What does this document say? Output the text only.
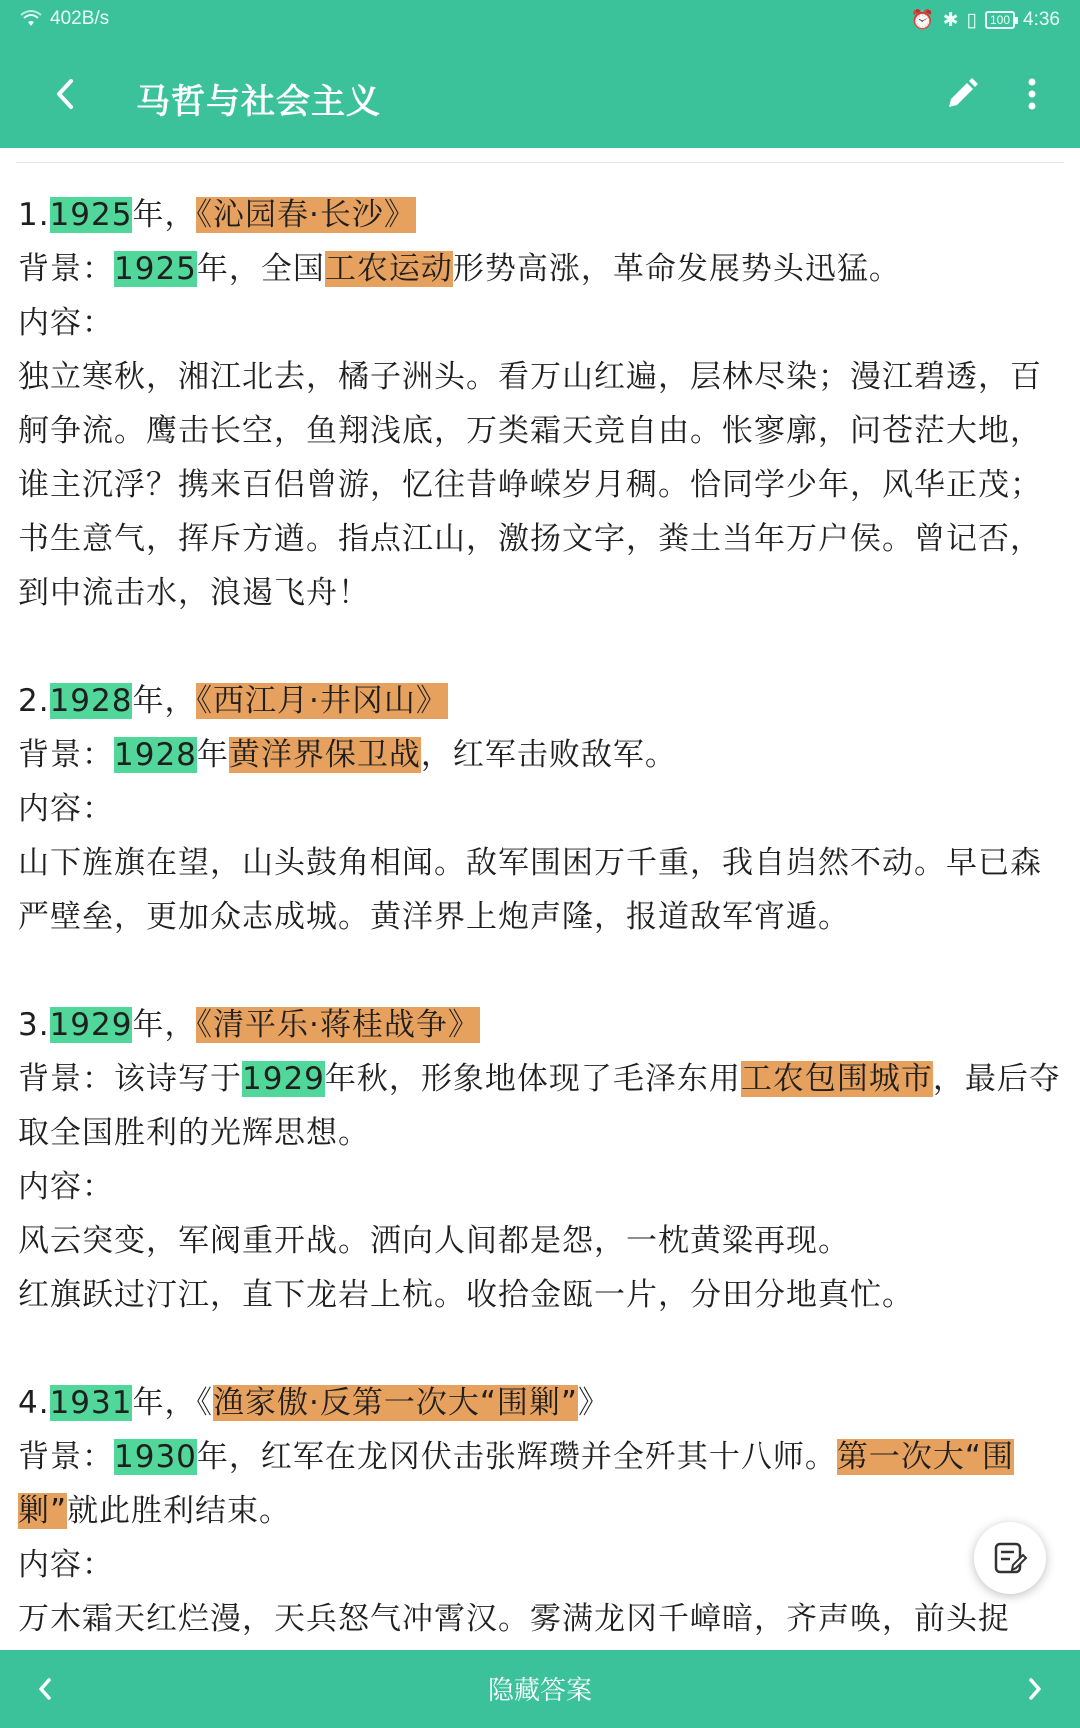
402B/s	⏰ ✱ ▯	100 4:36
马哲与社会主义
1.1925年，《沁园春·长沙》
背景：1925年，全国工农运动形势高涨，革命发展势头迅猛。
内容：
独立寒秋，湘江北去，橘子洲头。看万山红遍，层林尽染；漫江碧透，百舸争流。鹰击长空，鱼翔浅底，万类霜天竞自由。怅寥廓，问苍茫大地，谁主沉浮？携来百侣曾游，忆往昔峥嵘岁月稠。恰同学少年，风华正茂；书生意气，挥斥方遒。指点江山，激扬文字，粪土当年万户侯。曾记否，到中流击水，浪遏飞舟！
2.1928年，《西江月·井冈山》
背景：1928年黄洋界保卫战，红军击败敌军。
内容：
山下旌旗在望，山头鼓角相闻。敌军围困万千重，我自岿然不动。早已森严壁垒，更加众志成城。黄洋界上炮声隆，报道敌军宵遁。
3.1929年，《清平乐·蒋桂战争》
背景：该诗写于1929年秋，形象地体现了毛泽东用工农包围城市，最后夺取全国胜利的光辉思想。
内容：
风云突变，军阀重开战。洒向人间都是怨，一枕黄粱再现。
红旗跃过汀江，直下龙岩上杭。收拾金瓯一片，分田分地真忙。
4.1931年，《渔家傲·反第一次大“围剿”》
背景：1930年，红军在龙冈伏击张辉瓒并全歼其十八师。第一次大“围剿”就此胜利结束。
内容：
万木霜天红烂漫，天兵怒气冲霄汉。雾满龙冈千嶂暗，齐声唤，前头捉
隐藏答案
